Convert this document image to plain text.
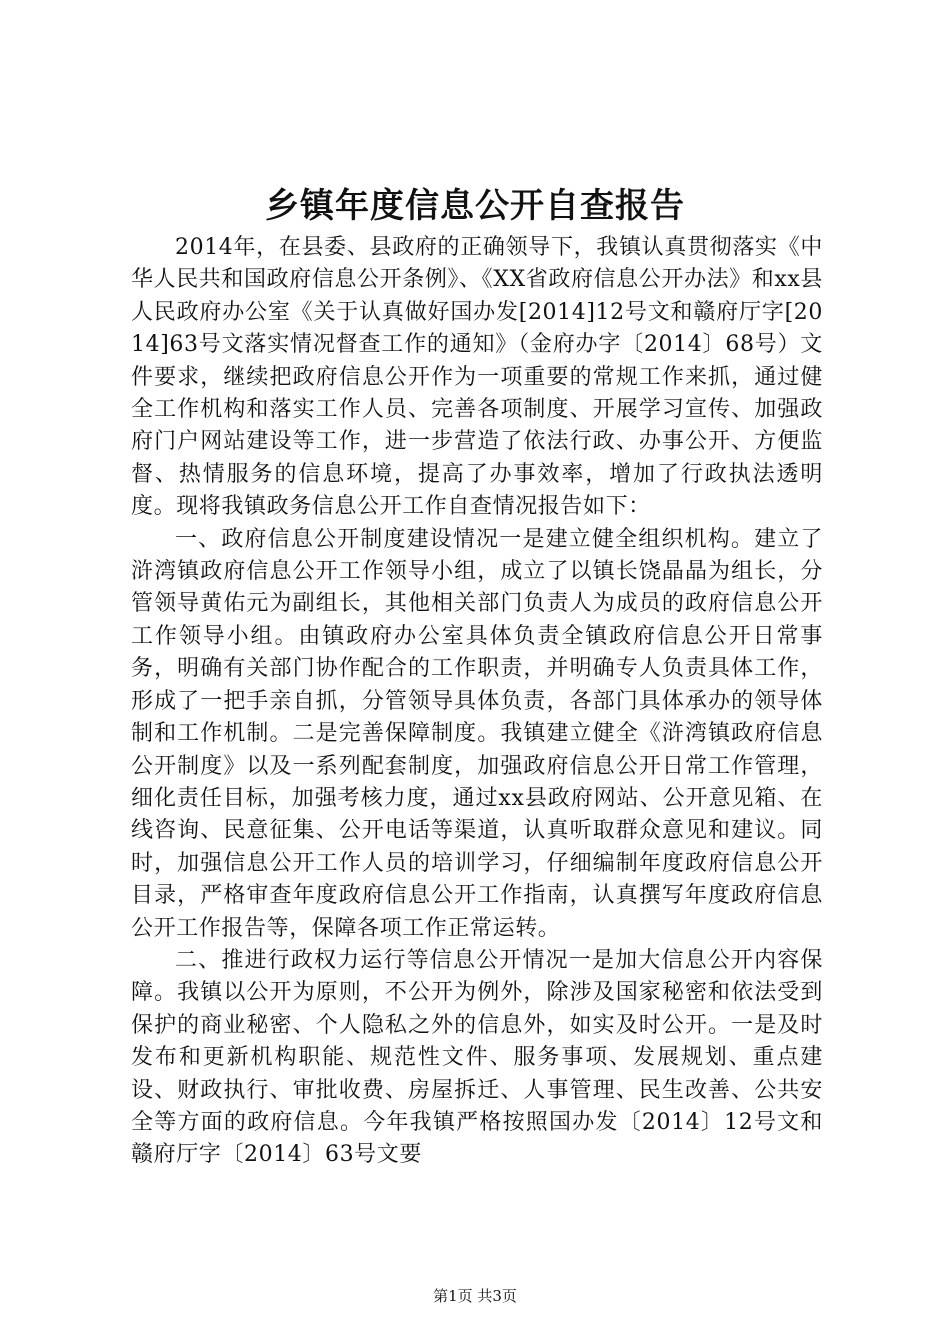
乡镇年度信息公开自查报告

2014年，在县委、县政府的正确领导下，我镇认真贯彻落实《中华人民共和国政府信息公开条例》、《XX省政府信息公开办法》和xx县人民政府办公室《关于认真做好国办发[2014]12号文和赣府厅字[2014]63号文落实情况督查工作的通知》（金府办字〔2014〕68号）文件要求，继续把政府信息公开作为一项重要的常规工作来抓，通过健全工作机构和落实工作人员、完善各项制度、开展学习宣传、加强政府门户网站建设等工作，进一步营造了依法行政、办事公开、方便监督、热情服务的信息环境，提高了办事效率，增加了行政执法透明度。现将我镇政务信息公开工作自查情况报告如下：

一、政府信息公开制度建设情况一是建立健全组织机构。建立了浒湾镇政府信息公开工作领导小组，成立了以镇长饶晶晶为组长，分管领导黄佑元为副组长，其他相关部门负责人为成员的政府信息公开工作领导小组。由镇政府办公室具体负责全镇政府信息公开日常事务，明确有关部门协作配合的工作职责，并明确专人负责具体工作，形成了一把手亲自抓，分管领导具体负责，各部门具体承办的领导体制和工作机制。二是完善保障制度。我镇建立健全《浒湾镇政府信息公开制度》以及一系列配套制度，加强政府信息公开日常工作管理，细化责任目标，加强考核力度，通过xx县政府网站、公开意见箱、在线咨询、民意征集、公开电话等渠道，认真听取群众意见和建议。同时，加强信息公开工作人员的培训学习，仔细编制年度政府信息公开目录，严格审查年度政府信息公开工作指南，认真撰写年度政府信息公开工作报告等，保障各项工作正常运转。

二、推进行政权力运行等信息公开情况一是加大信息公开内容保障。我镇以公开为原则，不公开为例外，除涉及国家秘密和依法受到保护的商业秘密、个人隐私之外的信息外，如实及时公开。一是及时发布和更新机构职能、规范性文件、服务事项、发展规划、重点建设、财政执行、审批收费、房屋拆迁、人事管理、民生改善、公共安全等方面的政府信息。今年我镇严格按照国办发〔2014〕12号文和赣府厅字〔2014〕63号文要

第1页 共3页
